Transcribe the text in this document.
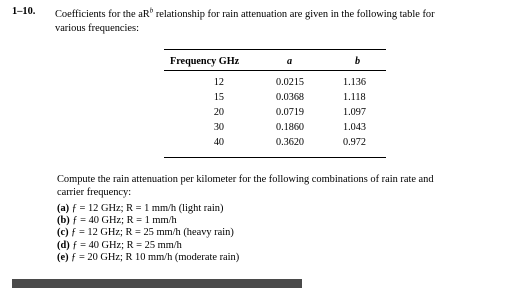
1–10.	Coefficients for the $aR^b$ relationship for rain attenuation are given in the following table for
various frequencies:
Frequency GHz	a	b
12	0.0215	1.136
15	0.0368	1.118
20	0.0719	1.097
30	0.1860	1.043
40	0.3620	0.972
Compute the rain attenuation per kilometer for the following combinations of rain rate and
carrier frequency:
(a) ƒ = 12 GHz; R = 1 mm/h (light rain)
(b) ƒ = 40 GHz; R = 1 mm/h
(c) ƒ = 12 GHz; R = 25 mm/h (heavy rain)
(d) ƒ = 40 GHz; R = 25 mm/h
(e) ƒ = 20 GHz; R 10 mm/h (moderate rain)
